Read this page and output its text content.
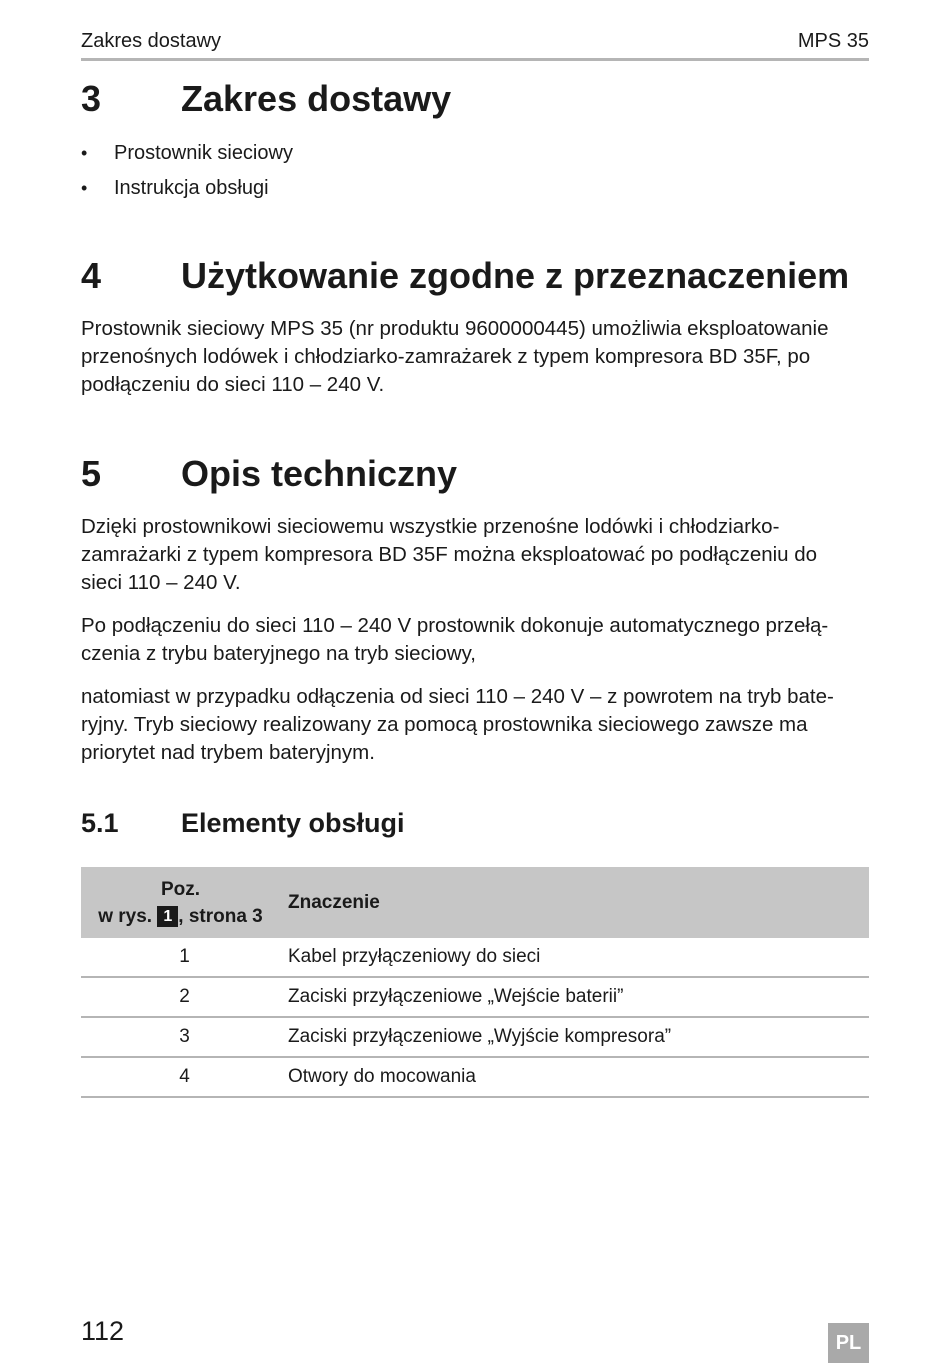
Zakres dostawy	MPS 35
3	Zakres dostawy
•	Prostownik sieciowy
•	Instrukcja obsługi
4	Użytkowanie zgodne z przeznaczeniem

Prostownik sieciowy MPS 35 (nr produktu 9600000445) umożliwia eksploatowanie
przenośnych lodówek i chłodziarko-zamrażarek z typem kompresora BD 35F, po
podłączeniu do sieci 110 – 240 V.

5	Opis techniczny

Dzięki prostownikowi sieciowemu wszystkie przenośne lodówki i chłodziarko-
zamrażarki z typem kompresora BD 35F można eksploatować po podłączeniu do
sieci 110 – 240 V.

Po podłączeniu do sieci 110 – 240 V prostownik dokonuje automatycznego przełą-
czenia z trybu bateryjnego na tryb sieciowy,

natomiast w przypadku odłączenia od sieci 110 – 240 V – z powrotem na tryb bate-
ryjny. Tryb sieciowy realizowany za pomocą prostownika sieciowego zawsze ma
priorytet nad trybem bateryjnym.

5.1	Elementy obsługi
Poz.
w rys. 1 , strona 3	Znaczenie
1	Kabel przyłączeniowy do sieci
2	Zaciski przyłączeniowe „Wejście baterii”
3	Zaciski przyłączeniowe „Wyjście kompresora”
4	Otwory do mocowania
112	PL
